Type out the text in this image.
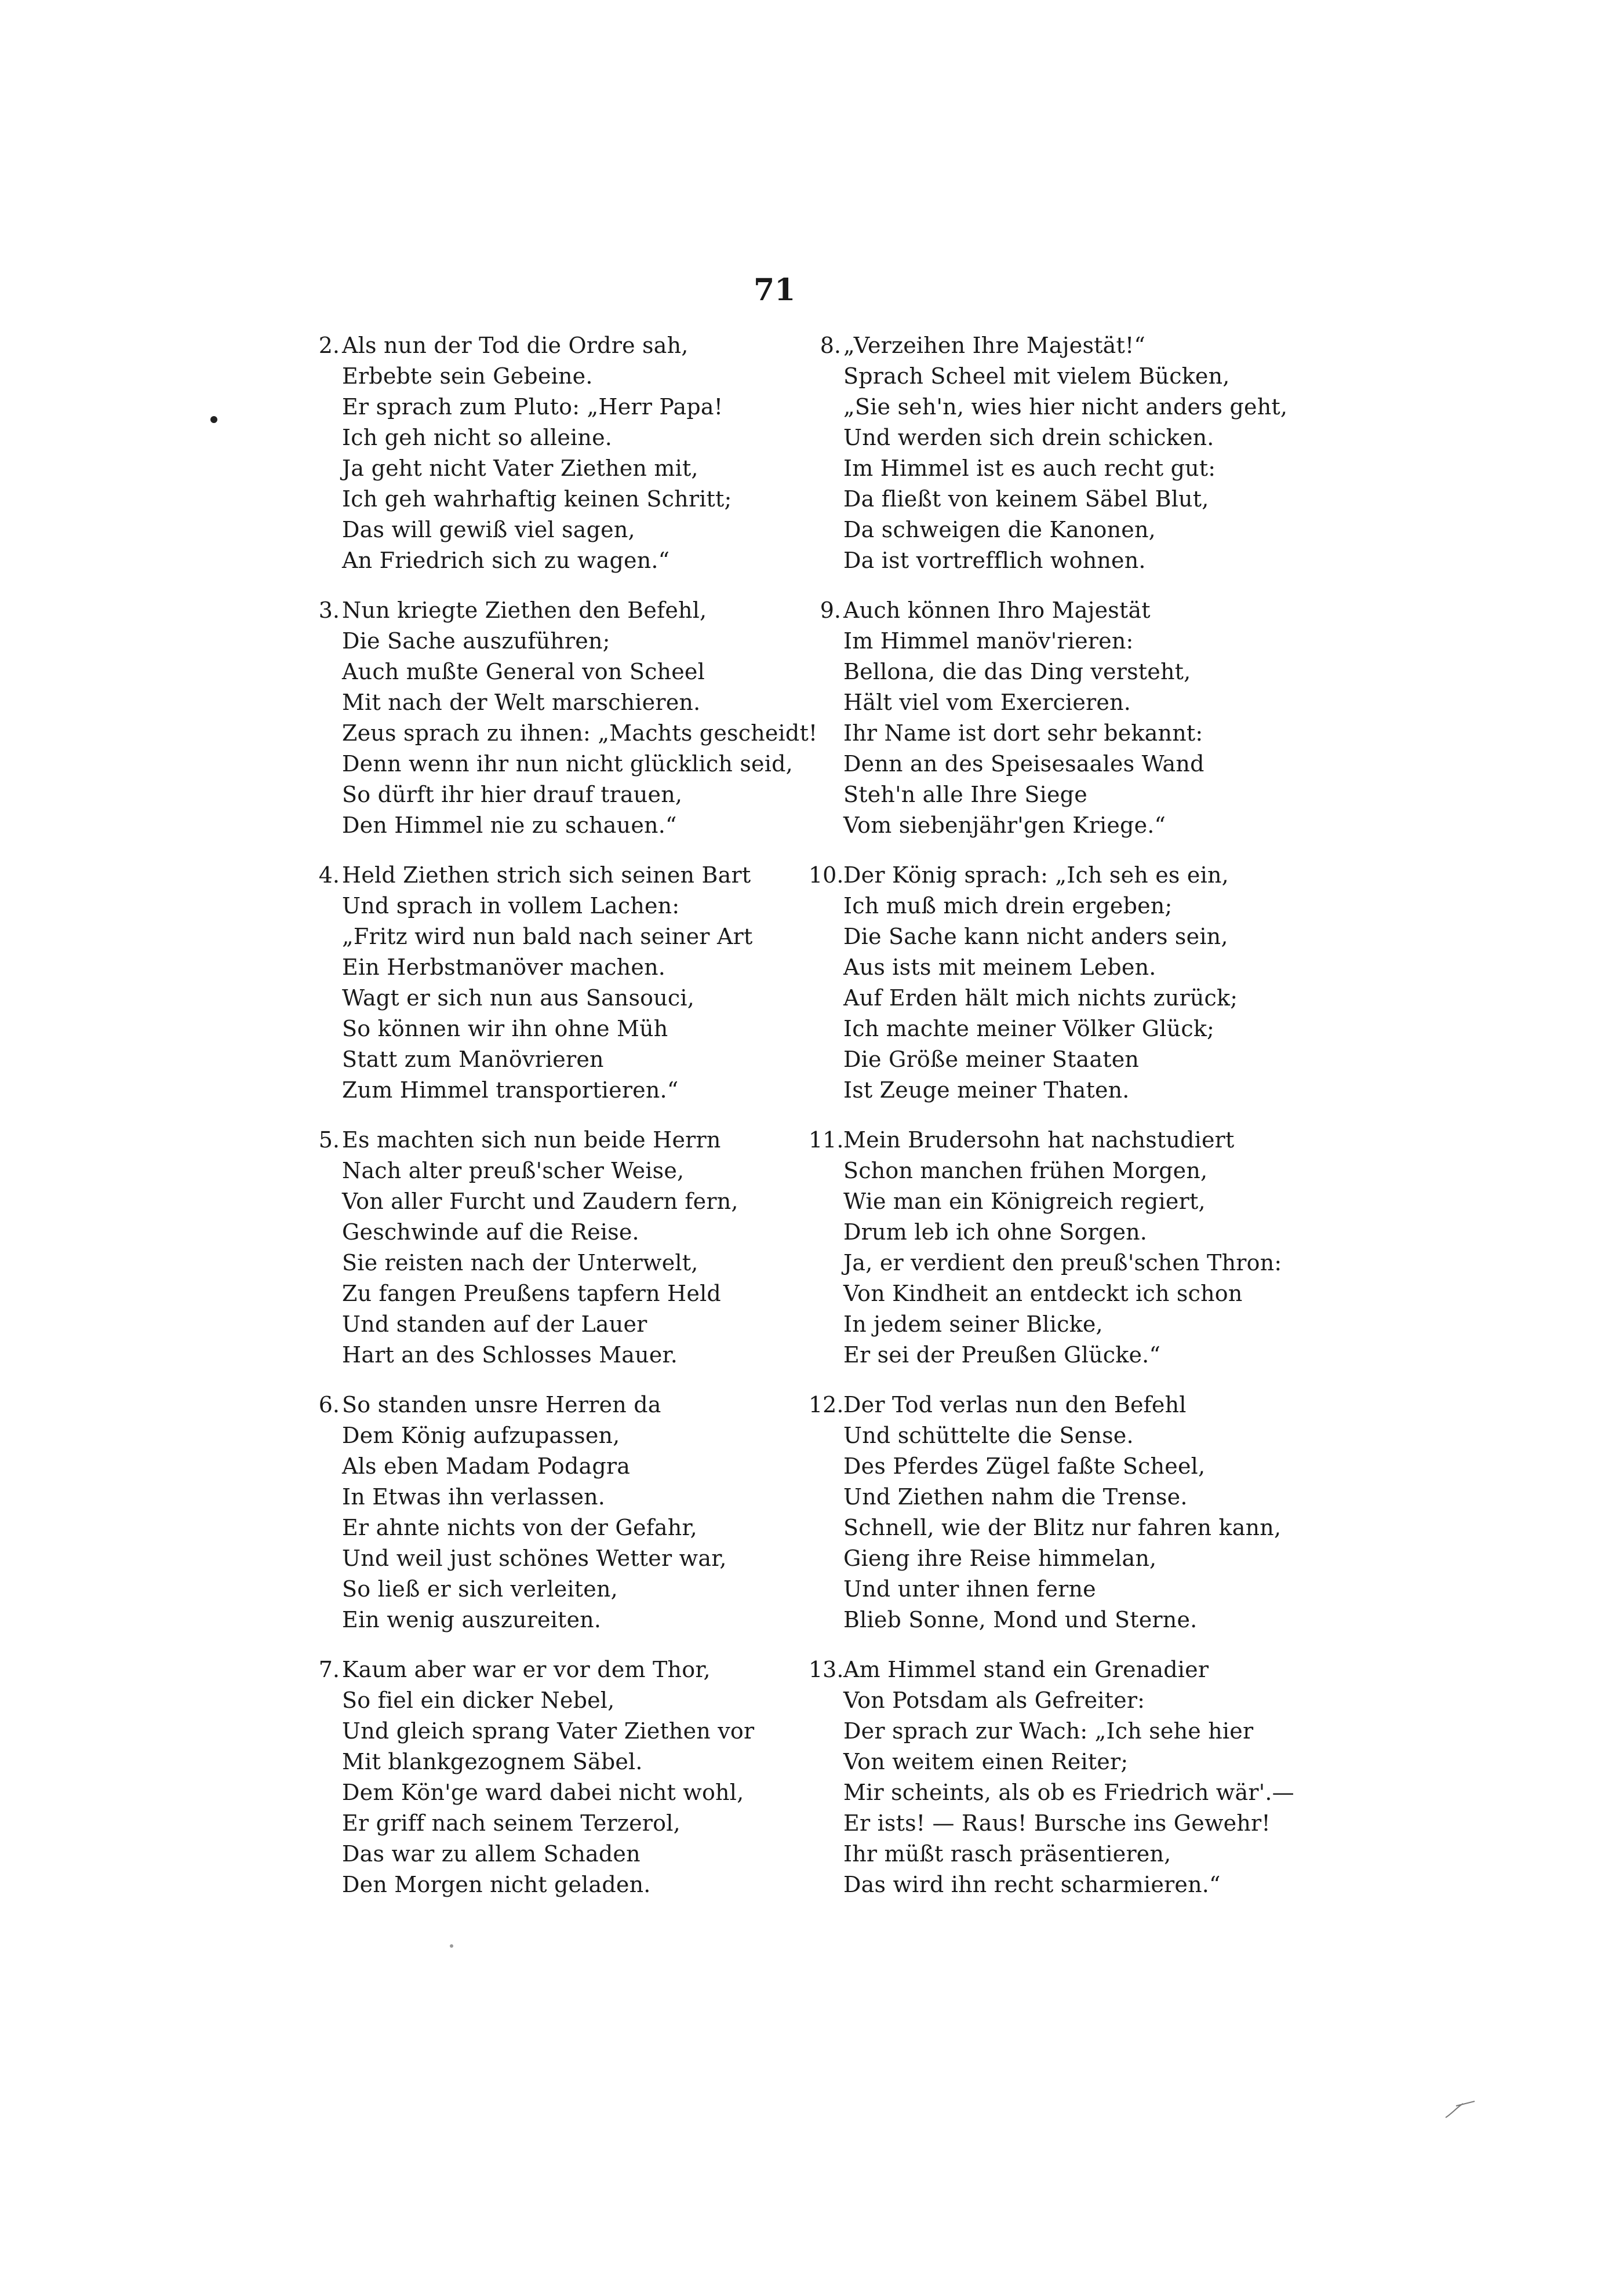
71
2. Als nun der Tod die Ordre sah,
Erbebte sein Gebeine.
Er sprach zum Pluto: „Herr Papa!
Ich geh nicht so alleine.
Ja geht nicht Vater Ziethen mit,
Ich geh wahrhaftig keinen Schritt;
Das will gewiß viel sagen,
An Friedrich sich zu wagen.“
3. Nun kriegte Ziethen den Befehl,
Die Sache auszuführen;
Auch mußte General von Scheel
Mit nach der Welt marschieren.
Zeus sprach zu ihnen: „Machts gescheidt!
Denn wenn ihr nun nicht glücklich seid,
So dürft ihr hier drauf trauen,
Den Himmel nie zu schauen.“
4. Held Ziethen strich sich seinen Bart
Und sprach in vollem Lachen:
„Fritz wird nun bald nach seiner Art
Ein Herbstmanöver machen.
Wagt er sich nun aus Sansouci,
So können wir ihn ohne Müh
Statt zum Manövrieren
Zum Himmel transportieren.“
5. Es machten sich nun beide Herrn
Nach alter preuß'scher Weise,
Von aller Furcht und Zaudern fern,
Geschwinde auf die Reise.
Sie reisten nach der Unterwelt,
Zu fangen Preußens tapfern Held
Und standen auf der Lauer
Hart an des Schlosses Mauer.
6. So standen unsre Herren da
Dem König aufzupassen,
Als eben Madam Podagra
In Etwas ihn verlassen.
Er ahnte nichts von der Gefahr,
Und weil just schönes Wetter war,
So ließ er sich verleiten,
Ein wenig auszureiten.
7. Kaum aber war er vor dem Thor,
So fiel ein dicker Nebel,
Und gleich sprang Vater Ziethen vor
Mit blankgezognem Säbel.
Dem Kön'ge ward dabei nicht wohl,
Er griff nach seinem Terzerol,
Das war zu allem Schaden
Den Morgen nicht geladen.
8. „Verzeihen Ihre Majestät!“
Sprach Scheel mit vielem Bücken,
„Sie seh'n, wies hier nicht anders geht,
Und werden sich drein schicken.
Im Himmel ist es auch recht gut:
Da fließt von keinem Säbel Blut,
Da schweigen die Kanonen,
Da ist vortrefflich wohnen.
9. Auch können Ihro Majestät
Im Himmel manöv'rieren:
Bellona, die das Ding versteht,
Hält viel vom Exercieren.
Ihr Name ist dort sehr bekannt:
Denn an des Speisesaales Wand
Steh'n alle Ihre Siege
Vom siebenjähr'gen Kriege.“
10. Der König sprach: „Ich seh es ein,
Ich muß mich drein ergeben;
Die Sache kann nicht anders sein,
Aus ists mit meinem Leben.
Auf Erden hält mich nichts zurück;
Ich machte meiner Völker Glück;
Die Größe meiner Staaten
Ist Zeuge meiner Thaten.
11. Mein Brudersohn hat nachstudiert
Schon manchen frühen Morgen,
Wie man ein Königreich regiert,
Drum leb ich ohne Sorgen.
Ja, er verdient den preuß'schen Thron:
Von Kindheit an entdeckt ich schon
In jedem seiner Blicke,
Er sei der Preußen Glücke.“
12. Der Tod verlas nun den Befehl
Und schüttelte die Sense.
Des Pferdes Zügel faßte Scheel,
Und Ziethen nahm die Trense.
Schnell, wie der Blitz nur fahren kann,
Gieng ihre Reise himmelan,
Und unter ihnen ferne
Blieb Sonne, Mond und Sterne.
13. Am Himmel stand ein Grenadier
Von Potsdam als Gefreiter:
Der sprach zur Wach: „Ich sehe hier
Von weitem einen Reiter;
Mir scheints, als ob es Friedrich wär'.—
Er ists! — Raus! Bursche ins Gewehr!
Ihr müßt rasch präsentieren,
Das wird ihn recht scharmieren.“
